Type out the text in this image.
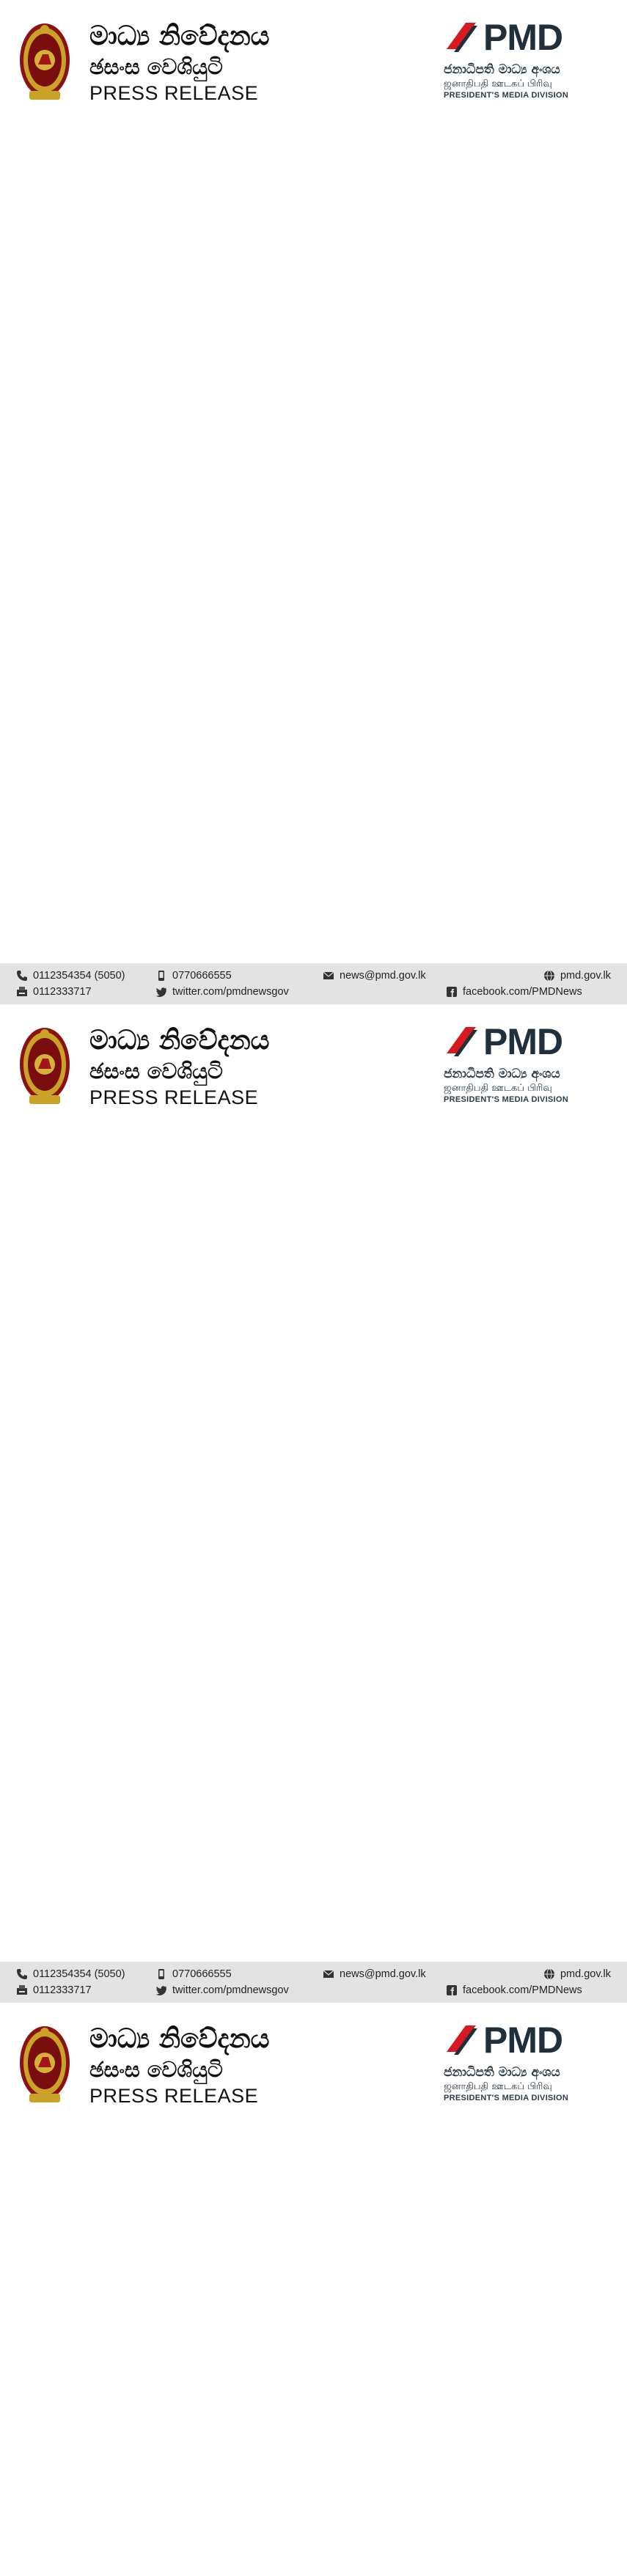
මාධ්‍ය නිවේදනය
ඡසංස වෙශියුටි
PRESS RELEASE
PMD
ජනාධිපති මාධ්‍ය අංශය
ஜனாதிபதி ஊடகப் பிரிவு
PRESIDENT'S MEDIA DIVISION

0112354354 (5050)	0770666555	news@pmd.gov.lk	pmd.gov.lk
0112333717	twitter.com/pmdnewsgov	facebook.com/PMDNews
මාධ්‍ය නිවේදනය
ඡසංස වෙශියුටි
PRESS RELEASE
PMD
ජනාධිපති මාධ්‍ය අංශය
ஜனாதிபதி ஊடகப் பிரிவு
PRESIDENT'S MEDIA DIVISION

0112354354 (5050)	0770666555	news@pmd.gov.lk	pmd.gov.lk
0112333717	twitter.com/pmdnewsgov	facebook.com/PMDNews
මාධ්‍ය නිවේදනය
ඡසංස වෙශියුටි
PRESS RELEASE
PMD
ජනාධිපති මාධ්‍ය අංශය
ஜனாதிபதி ஊடகப் பிரிவு
PRESIDENT'S MEDIA DIVISION
